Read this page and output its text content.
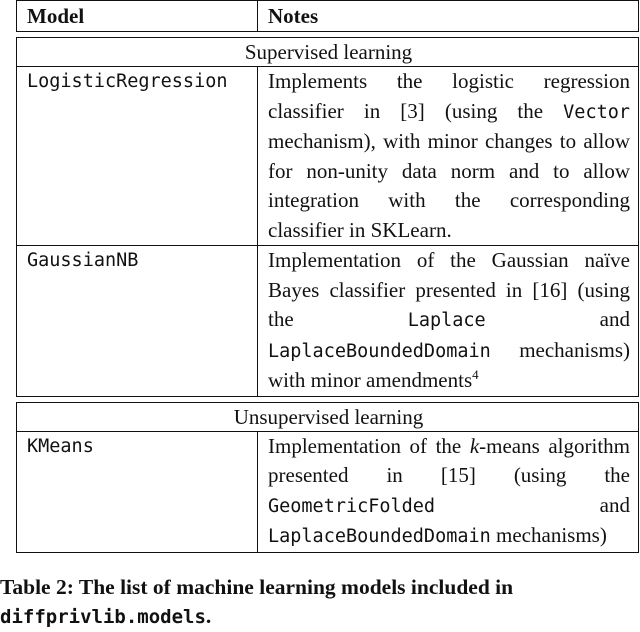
Model	Notes

Supervised learning	
LogisticRegression	Implements the logistic regression classifier in [3] (using the Vector mechanism), with minor changes to allow for non-unity data norm and to allow integration with the corresponding classifier in SKLearn.
GaussianNB	Implementation of the Gaussian naïve Bayes classifier presented in [16] (using the Laplace and LaplaceBoundedDomain mechanisms) with minor amendments$^4$

Unsupervised learning	
KMeans	Implementation of the k-means algorithm presented in [15] (using the GeometricFolded and LaplaceBoundedDomain mechanisms)
Table 2: The list of machine learning models included in diffprivlib.models.
